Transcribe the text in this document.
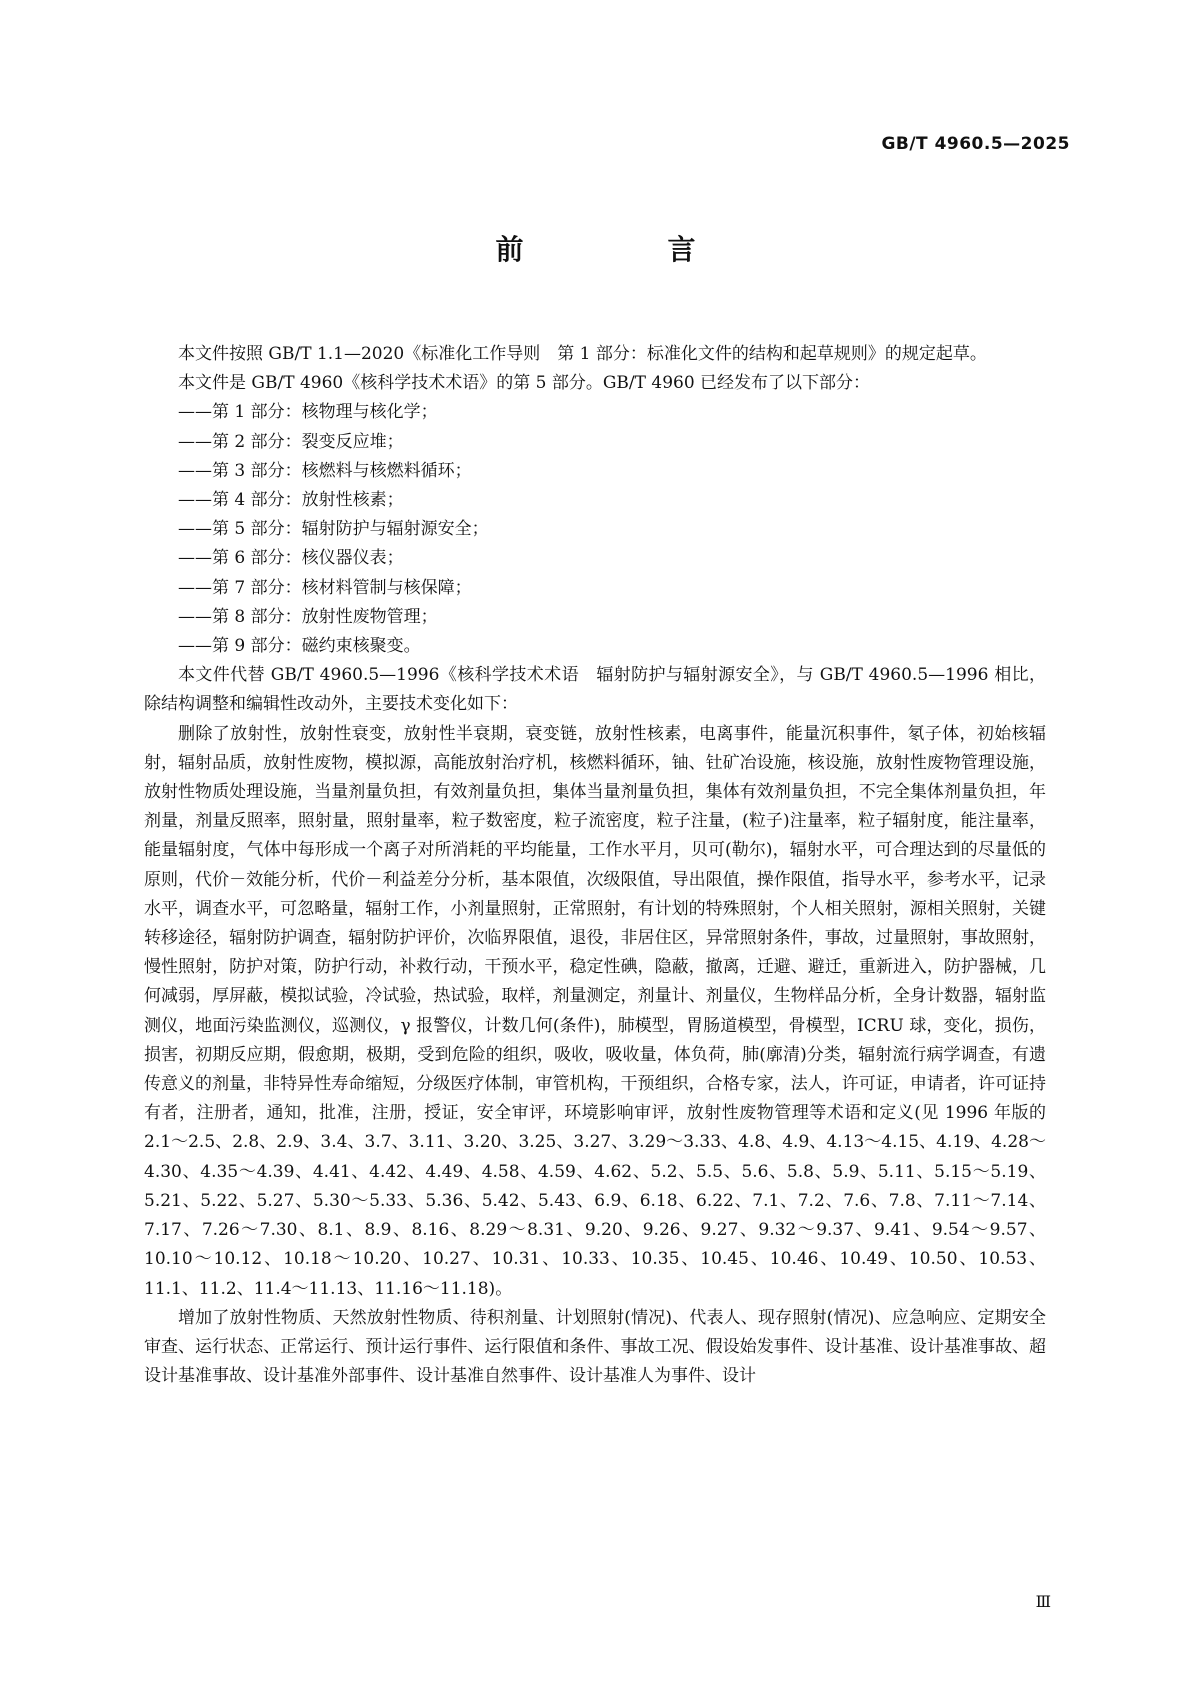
GB/T 4960.5—2025
前　言

本文件按照 GB/T 1.1—2020《标准化工作导则　第 1 部分：标准化文件的结构和起草规则》的规定起草。

本文件是 GB/T 4960《核科学技术术语》的第 5 部分。GB/T 4960 已经发布了以下部分：

——第 1 部分：核物理与核化学；

——第 2 部分：裂变反应堆；

——第 3 部分：核燃料与核燃料循环；

——第 4 部分：放射性核素；

——第 5 部分：辐射防护与辐射源安全；

——第 6 部分：核仪器仪表；

——第 7 部分：核材料管制与核保障；

——第 8 部分：放射性废物管理；

——第 9 部分：磁约束核聚变。

本文件代替 GB/T 4960.5—1996《核科学技术术语　辐射防护与辐射源安全》，与 GB/T 4960.5—1996 相比，除结构调整和编辑性改动外，主要技术变化如下：

删除了放射性，放射性衰变，放射性半衰期，衰变链，放射性核素，电离事件，能量沉积事件，氡子体，初始核辐射，辐射品质，放射性废物，模拟源，高能放射治疗机，核燃料循环，铀、钍矿冶设施，核设施，放射性废物管理设施，放射性物质处理设施，当量剂量负担，有效剂量负担，集体当量剂量负担，集体有效剂量负担，不完全集体剂量负担，年剂量，剂量反照率，照射量，照射量率，粒子数密度，粒子流密度，粒子注量，(粒子)注量率，粒子辐射度，能注量率，能量辐射度，气体中每形成一个离子对所消耗的平均能量，工作水平月，贝可(勒尔)，辐射水平，可合理达到的尽量低的原则，代价－效能分析，代价－利益差分分析，基本限值，次级限值，导出限值，操作限值，指导水平，参考水平，记录水平，调查水平，可忽略量，辐射工作，小剂量照射，正常照射，有计划的特殊照射，个人相关照射，源相关照射，关键转移途径，辐射防护调查，辐射防护评价，次临界限值，退役，非居住区，异常照射条件，事故，过量照射，事故照射，慢性照射，防护对策，防护行动，补救行动，干预水平，稳定性碘，隐蔽，撤离，迁避、避迁，重新进入，防护器械，几何减弱，厚屏蔽，模拟试验，冷试验，热试验，取样，剂量测定，剂量计、剂量仪，生物样品分析，全身计数器，辐射监测仪，地面污染监测仪，巡测仪，γ 报警仪，计数几何(条件)，肺模型，胃肠道模型，骨模型，ICRU 球，变化，损伤，损害，初期反应期，假愈期，极期，受到危险的组织，吸收，吸收量，体负荷，肺(廓清)分类，辐射流行病学调查，有遗传意义的剂量，非特异性寿命缩短，分级医疗体制，审管机构，干预组织，合格专家，法人，许可证，申请者，许可证持有者，注册者，通知，批准，注册，授证，安全审评，环境影响审评，放射性废物管理等术语和定义(见 1996 年版的 2.1～2.5、2.8、2.9、3.4、3.7、3.11、3.20、3.25、3.27、3.29～3.33、4.8、4.9、4.13～4.15、4.19、4.28～4.30、4.35～4.39、4.41、4.42、4.49、4.58、4.59、4.62、5.2、5.5、5.6、5.8、5.9、5.11、5.15～5.19、5.21、5.22、5.27、5.30～5.33、5.36、5.42、5.43、6.9、6.18、6.22、7.1、7.2、7.6、7.8、7.11～7.14、7.17、7.26～7.30、8.1、8.9、8.16、8.29～8.31、9.20、9.26、9.27、9.32～9.37、9.41、9.54～9.57、10.10～10.12、10.18～10.20、10.27、10.31、10.33、10.35、10.45、10.46、10.49、10.50、10.53、11.1、11.2、11.4～11.13、11.16～11.18)。

增加了放射性物质、天然放射性物质、待积剂量、计划照射(情况)、代表人、现存照射(情况)、应急响应、定期安全审查、运行状态、正常运行、预计运行事件、运行限值和条件、事故工况、假设始发事件、设计基准、设计基准事故、超设计基准事故、设计基准外部事件、设计基准自然事件、设计基准人为事件、设计

Ⅲ
